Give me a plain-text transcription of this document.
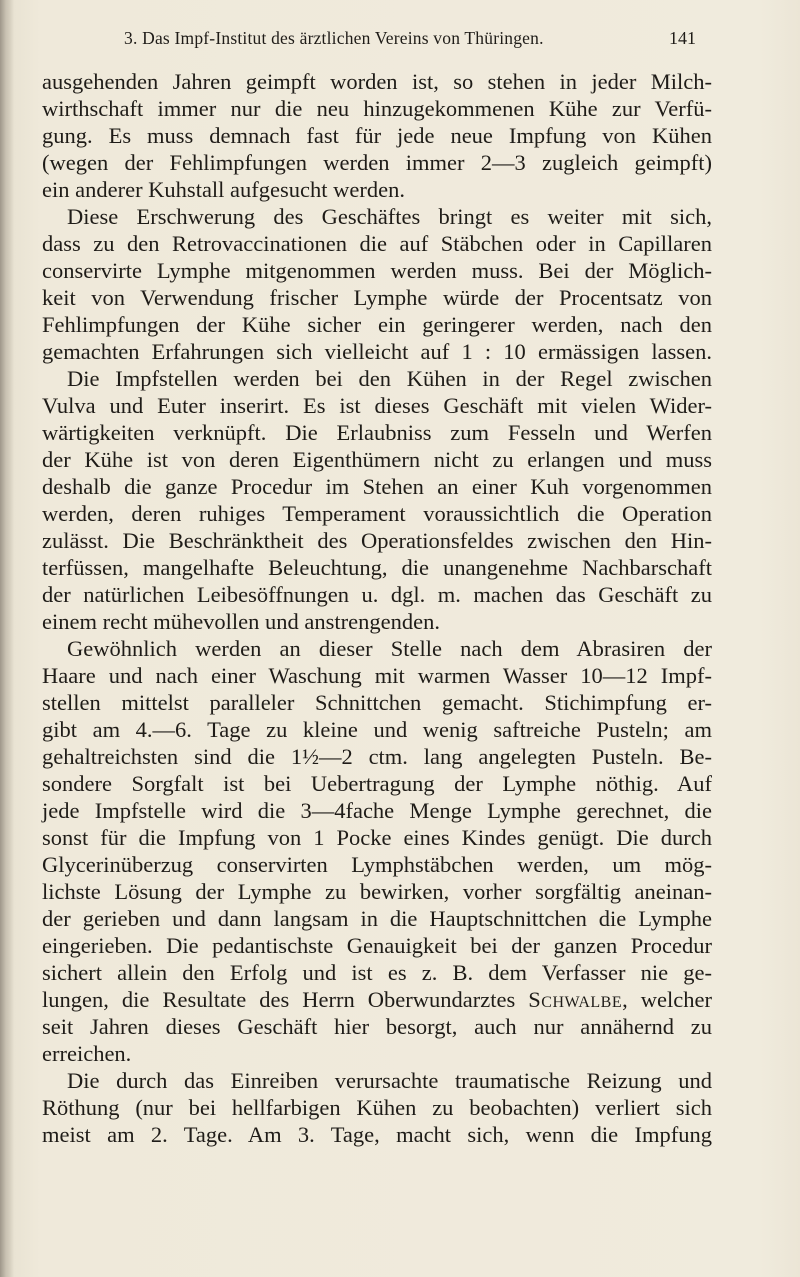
3. Das Impf-Institut des ärztlichen Vereins von Thüringen.	141
ausgehenden Jahren geimpft worden ist, so stehen in jeder Milch-
wirthschaft immer nur die neu hinzugekommenen Kühe zur Verfü-
gung. Es muss demnach fast für jede neue Impfung von Kühen
(wegen der Fehlimpfungen werden immer 2—3 zugleich geimpft)
ein anderer Kuhstall aufgesucht werden.
Diese Erschwerung des Geschäftes bringt es weiter mit sich,
dass zu den Retrovaccinationen die auf Stäbchen oder in Capillaren
conservirte Lymphe mitgenommen werden muss. Bei der Möglich-
keit von Verwendung frischer Lymphe würde der Procentsatz von
Fehlimpfungen der Kühe sicher ein geringerer werden, nach den
gemachten Erfahrungen sich vielleicht auf 1 : 10 ermässigen lassen.
Die Impfstellen werden bei den Kühen in der Regel zwischen
Vulva und Euter inserirt. Es ist dieses Geschäft mit vielen Wider-
wärtigkeiten verknüpft. Die Erlaubniss zum Fesseln und Werfen
der Kühe ist von deren Eigenthümern nicht zu erlangen und muss
deshalb die ganze Procedur im Stehen an einer Kuh vorgenommen
werden, deren ruhiges Temperament voraussichtlich die Operation
zulässt. Die Beschränktheit des Operationsfeldes zwischen den Hin-
terfüssen, mangelhafte Beleuchtung, die unangenehme Nachbarschaft
der natürlichen Leibesöffnungen u. dgl. m. machen das Geschäft zu
einem recht mühevollen und anstrengenden.
Gewöhnlich werden an dieser Stelle nach dem Abrasiren der
Haare und nach einer Waschung mit warmen Wasser 10—12 Impf-
stellen mittelst paralleler Schnittchen gemacht. Stichimpfung er-
gibt am 4.—6. Tage zu kleine und wenig saftreiche Pusteln; am
gehaltreichsten sind die 1½—2 ctm. lang angelegten Pusteln. Be-
sondere Sorgfalt ist bei Uebertragung der Lymphe nöthig. Auf
jede Impfstelle wird die 3—4fache Menge Lymphe gerechnet, die
sonst für die Impfung von 1 Pocke eines Kindes genügt. Die durch
Glycerinüberzug conservirten Lymphstäbchen werden, um mög-
lichste Lösung der Lymphe zu bewirken, vorher sorgfältig aneinan-
der gerieben und dann langsam in die Hauptschnittchen die Lymphe
eingerieben. Die pedantischste Genauigkeit bei der ganzen Procedur
sichert allein den Erfolg und ist es z. B. dem Verfasser nie ge-
lungen, die Resultate des Herrn Oberwundarztes Schwalbe, welcher
seit Jahren dieses Geschäft hier besorgt, auch nur annähernd zu
erreichen.
Die durch das Einreiben verursachte traumatische Reizung und
Röthung (nur bei hellfarbigen Kühen zu beobachten) verliert sich
meist am 2. Tage. Am 3. Tage, macht sich, wenn die Impfung
